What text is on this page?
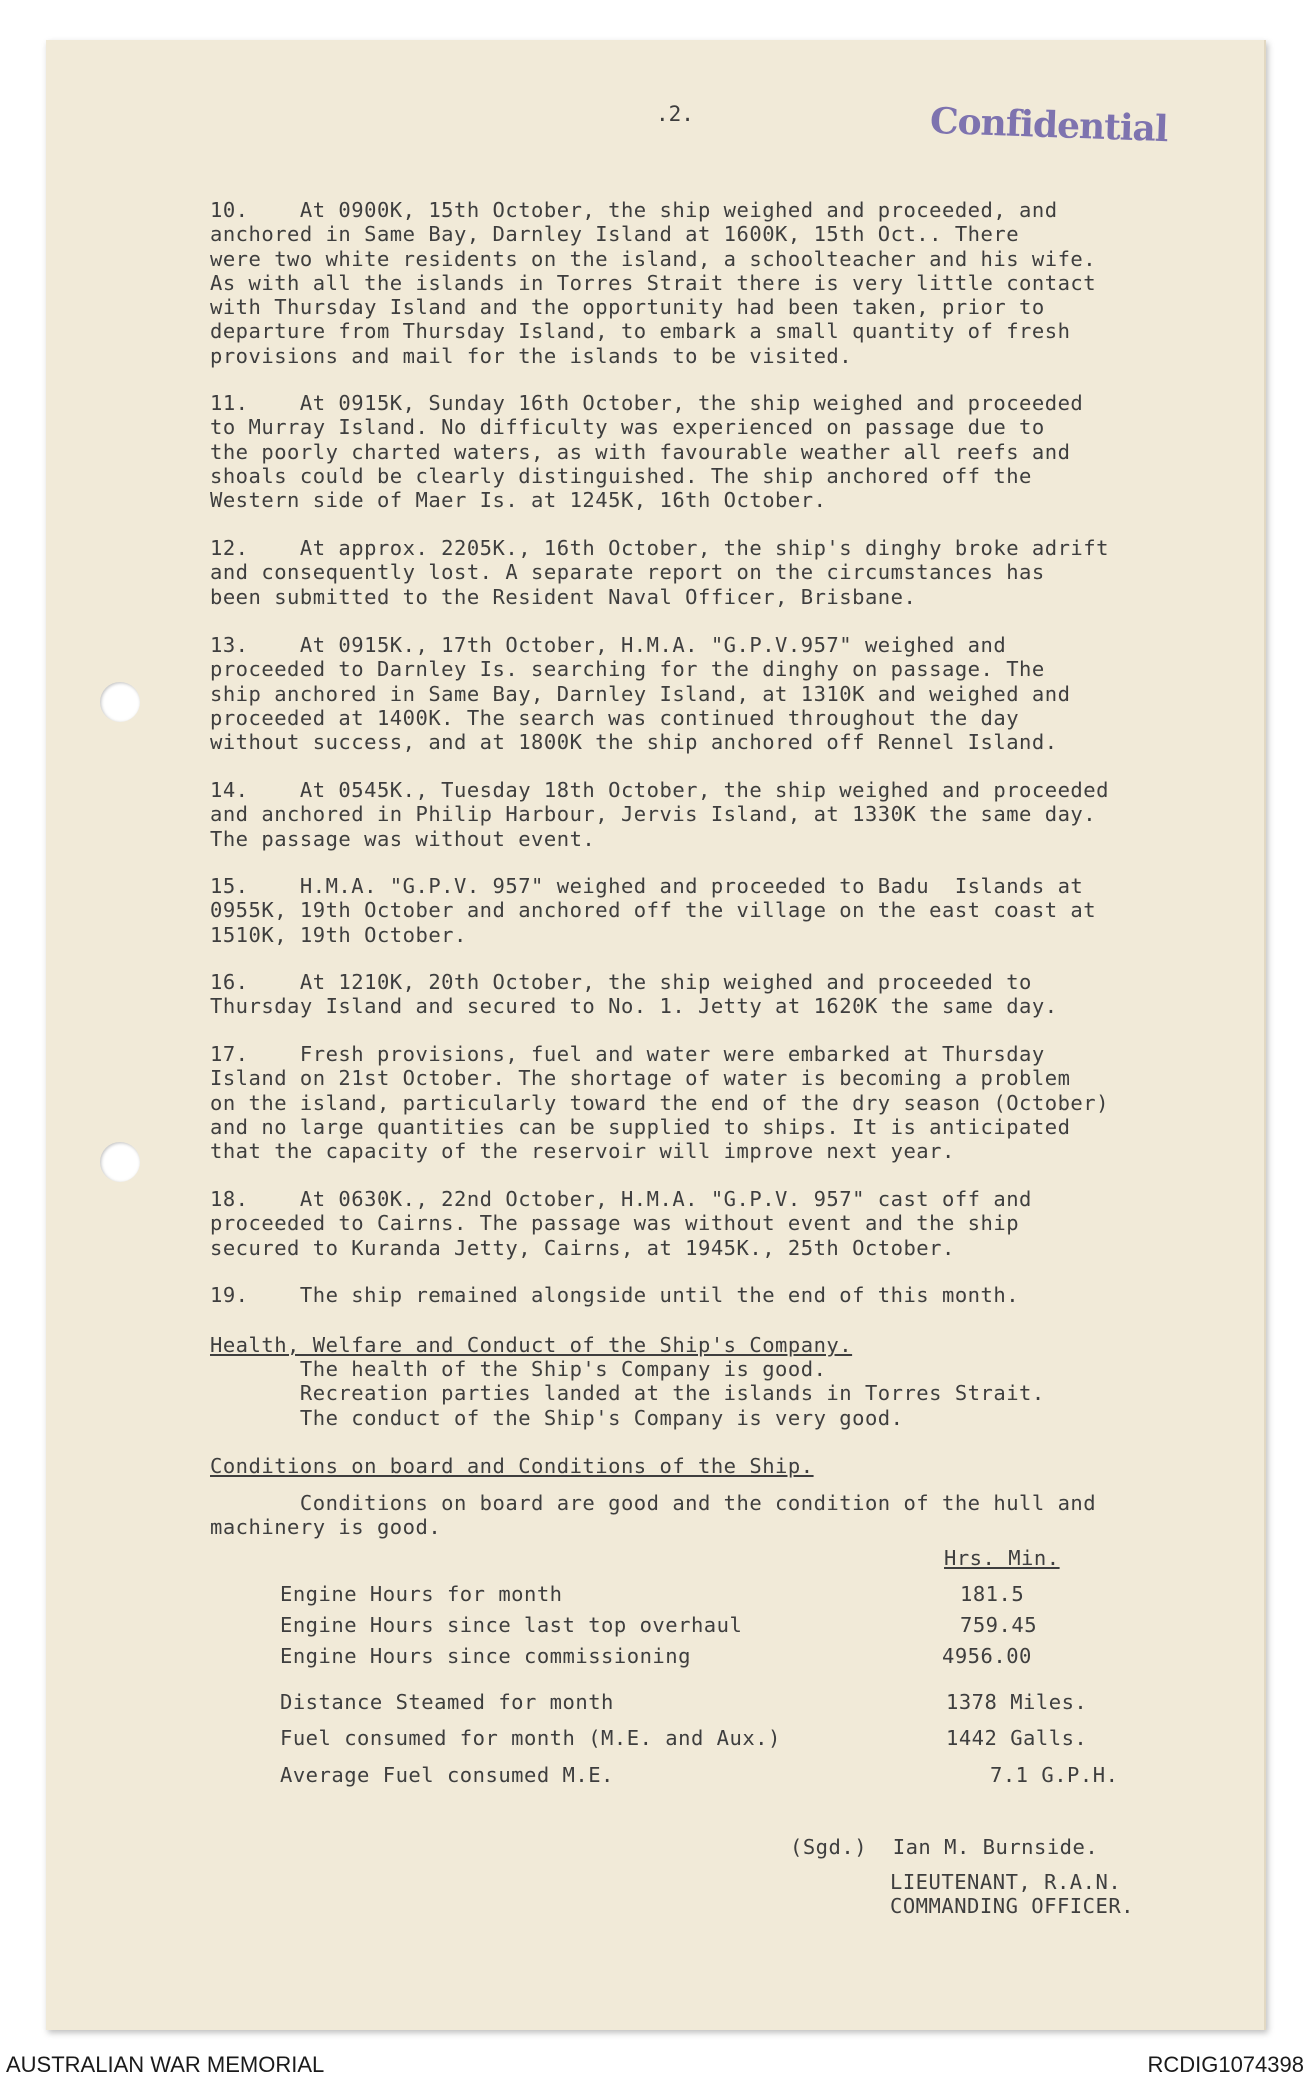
.2.	Confidential
10.    At 0900K, 15th October, the ship weighed and proceeded, and
anchored in Same Bay, Darnley Island at 1600K, 15th Oct.. There
were two white residents on the island, a schoolteacher and his wife.
As with all the islands in Torres Strait there is very little contact
with Thursday Island and the opportunity had been taken, prior to
departure from Thursday Island, to embark a small quantity of fresh
provisions and mail for the islands to be visited.
11.    At 0915K, Sunday 16th October, the ship weighed and proceeded
to Murray Island. No difficulty was experienced on passage due to
the poorly charted waters, as with favourable weather all reefs and
shoals could be clearly distinguished. The ship anchored off the
Western side of Maer Is. at 1245K, 16th October.
12.    At approx. 2205K., 16th October, the ship's dinghy broke adrift
and consequently lost. A separate report on the circumstances has
been submitted to the Resident Naval Officer, Brisbane.
13.    At 0915K., 17th October, H.M.A. "G.P.V.957" weighed and
proceeded to Darnley Is. searching for the dinghy on passage. The
ship anchored in Same Bay, Darnley Island, at 1310K and weighed and
proceeded at 1400K. The search was continued throughout the day
without success, and at 1800K the ship anchored off Rennel Island.
14.    At 0545K., Tuesday 18th October, the ship weighed and proceeded
and anchored in Philip Harbour, Jervis Island, at 1330K the same day.
The passage was without event.
15.    H.M.A. "G.P.V. 957" weighed and proceeded to Badu  Islands at
0955K, 19th October and anchored off the village on the east coast at
1510K, 19th October.
16.    At 1210K, 20th October, the ship weighed and proceeded to
Thursday Island and secured to No. 1. Jetty at 1620K the same day.
17.    Fresh provisions, fuel and water were embarked at Thursday
Island on 21st October. The shortage of water is becoming a problem
on the island, particularly toward the end of the dry season (October)
and no large quantities can be supplied to ships. It is anticipated
that the capacity of the reservoir will improve next year.
18.    At 0630K., 22nd October, H.M.A. "G.P.V. 957" cast off and
proceeded to Cairns. The passage was without event and the ship
secured to Kuranda Jetty, Cairns, at 1945K., 25th October.
19.    The ship remained alongside until the end of this month.
Health, Welfare and Conduct of the Ship's Company.
The health of the Ship's Company is good.
Recreation parties landed at the islands in Torres Strait.
The conduct of the Ship's Company is very good.
Conditions on board and Conditions of the Ship.
Conditions on board are good and the condition of the hull and
machinery is good.
Hrs. Min.
Engine Hours for month	181.5
Engine Hours since last top overhaul	759.45
Engine Hours since commissioning	4956.00
Distance Steamed for month	1378 Miles.
Fuel consumed for month (M.E. and Aux.)	1442 Galls.
Average Fuel consumed M.E.	7.1 G.P.H.
(Sgd.)  Ian M. Burnside.
LIEUTENANT, R.A.N.
COMMANDING OFFICER.
AUSTRALIAN WAR MEMORIAL	RCDIG1074398
